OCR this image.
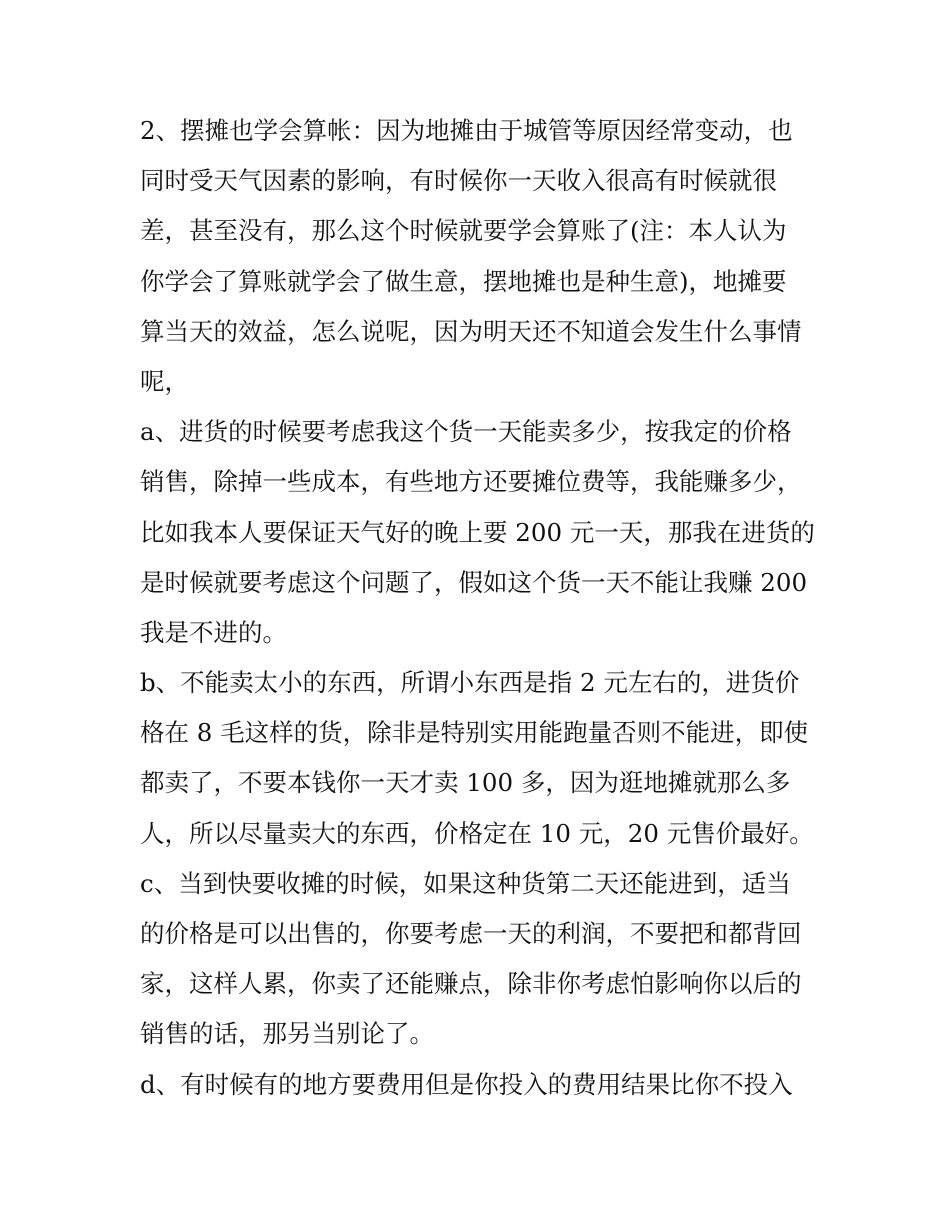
2、摆摊也学会算帐：因为地摊由于城管等原因经常变动，也
同时受天气因素的影响，有时候你一天收入很高有时候就很
差，甚至没有，那么这个时候就要学会算账了(注：本人认为
你学会了算账就学会了做生意，摆地摊也是种生意)，地摊要
算当天的效益，怎么说呢，因为明天还不知道会发生什么事情
呢，
a、进货的时候要考虑我这个货一天能卖多少，按我定的价格
销售，除掉一些成本，有些地方还要摊位费等，我能赚多少，
比如我本人要保证天气好的晚上要 200 元一天，那我在进货的
是时候就要考虑这个问题了，假如这个货一天不能让我赚 200
我是不进的。
b、不能卖太小的东西，所谓小东西是指 2 元左右的，进货价
格在 8 毛这样的货，除非是特别实用能跑量否则不能进，即使
都卖了，不要本钱你一天才卖 100 多，因为逛地摊就那么多
人，所以尽量卖大的东西，价格定在 10 元，20 元售价最好。
c、当到快要收摊的时候，如果这种货第二天还能进到，适当
的价格是可以出售的，你要考虑一天的利润，不要把和都背回
家，这样人累，你卖了还能赚点，除非你考虑怕影响你以后的
销售的话，那另当别论了。
d、有时候有的地方要费用但是你投入的费用结果比你不投入
